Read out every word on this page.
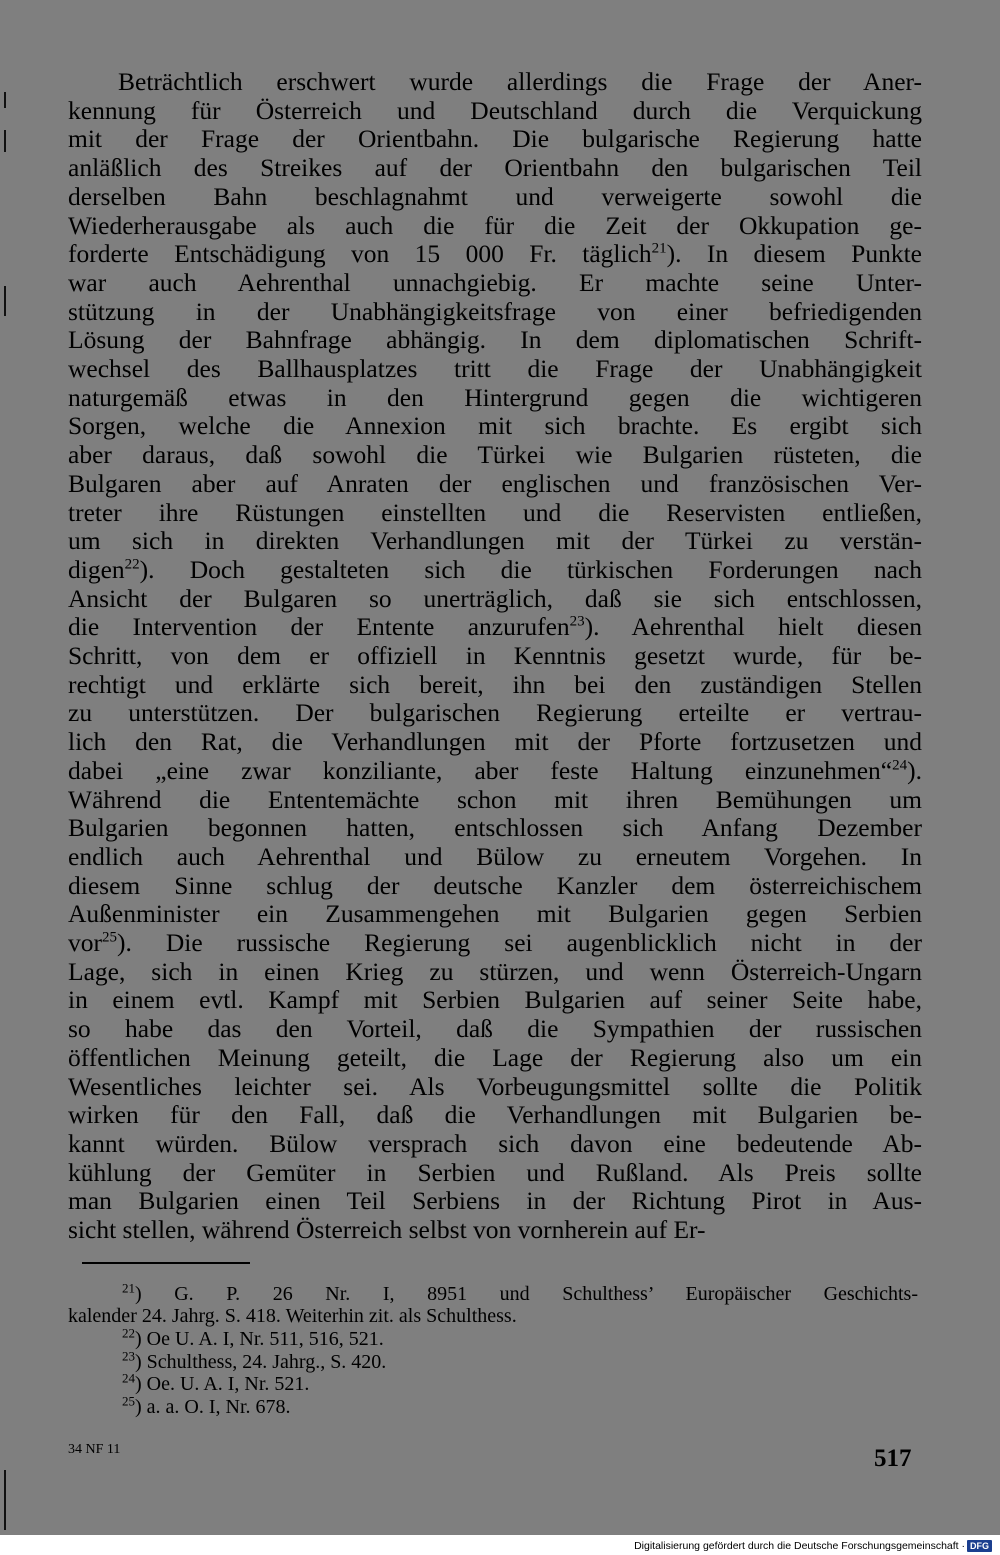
Beträchtlich erschwert wurde allerdings die Frage der Aner-

kennung für Österreich und Deutschland durch die Verquickung

mit der Frage der Orientbahn. Die bulgarische Regierung hatte

anläßlich des Streikes auf der Orientbahn den bulgarischen Teil

derselben Bahn beschlagnahmt und verweigerte sowohl die

Wiederherausgabe als auch die für die Zeit der Okkupation ge-

forderte Entschädigung von 15 000 Fr. täglich$^{21}$). In diesem Punkte

war auch Aehrenthal unnachgiebig. Er machte seine Unter-

stützung in der Unabhängigkeitsfrage von einer befriedigenden

Lösung der Bahnfrage abhängig. In dem diplomatischen Schrift-

wechsel des Ballhausplatzes tritt die Frage der Unabhängigkeit

naturgemäß etwas in den Hintergrund gegen die wichtigeren

Sorgen, welche die Annexion mit sich brachte. Es ergibt sich

aber daraus, daß sowohl die Türkei wie Bulgarien rüsteten, die

Bulgaren aber auf Anraten der englischen und französischen Ver-

treter ihre Rüstungen einstellten und die Reservisten entließen,

um sich in direkten Verhandlungen mit der Türkei zu verstän-

digen$^{22}$). Doch gestalteten sich die türkischen Forderungen nach

Ansicht der Bulgaren so unerträglich, daß sie sich entschlossen,

die Intervention der Entente anzurufen$^{23}$). Aehrenthal hielt diesen

Schritt, von dem er offiziell in Kenntnis gesetzt wurde, für be-

rechtigt und erklärte sich bereit, ihn bei den zuständigen Stellen

zu unterstützen. Der bulgarischen Regierung erteilte er vertrau-

lich den Rat, die Verhandlungen mit der Pforte fortzusetzen und

dabei „eine zwar konziliante, aber feste Haltung einzunehmen“$^{24}$).

Während die Ententemächte schon mit ihren Bemühungen um

Bulgarien begonnen hatten, entschlossen sich Anfang Dezember

endlich auch Aehrenthal und Bülow zu erneutem Vorgehen. In

diesem Sinne schlug der deutsche Kanzler dem österreichischem

Außenminister ein Zusammengehen mit Bulgarien gegen Serbien

vor$^{25}$). Die russische Regierung sei augenblicklich nicht in der

Lage, sich in einen Krieg zu stürzen, und wenn Österreich-Ungarn

in einem evtl. Kampf mit Serbien Bulgarien auf seiner Seite habe,

so habe das den Vorteil, daß die Sympathien der russischen

öffentlichen Meinung geteilt, die Lage der Regierung also um ein

Wesentliches leichter sei. Als Vorbeugungsmittel sollte die Politik

wirken für den Fall, daß die Verhandlungen mit Bulgarien be-

kannt würden. Bülow versprach sich davon eine bedeutende Ab-

kühlung der Gemüter in Serbien und Rußland. Als Preis sollte

man Bulgarien einen Teil Serbiens in der Richtung Pirot in Aus-

sicht stellen, während Österreich selbst von vornherein auf Er-

$^{21}$) G. P. 26 Nr. I, 8951 und Schulthess’ Europäischer Geschichts-

kalender 24. Jahrg. S. 418. Weiterhin zit. als Schulthess.

$^{22}$) Oe U. A. I, Nr. 511, 516, 521.

$^{23}$) Schulthess, 24. Jahrg., S. 420.

$^{24}$) Oe. U. A. I, Nr. 521.

$^{25}$) a. a. O. I, Nr. 678.

34 NF 11	517
Digitalisierung gefördert durch die Deutsche Forschungsgemeinschaft · DFG
